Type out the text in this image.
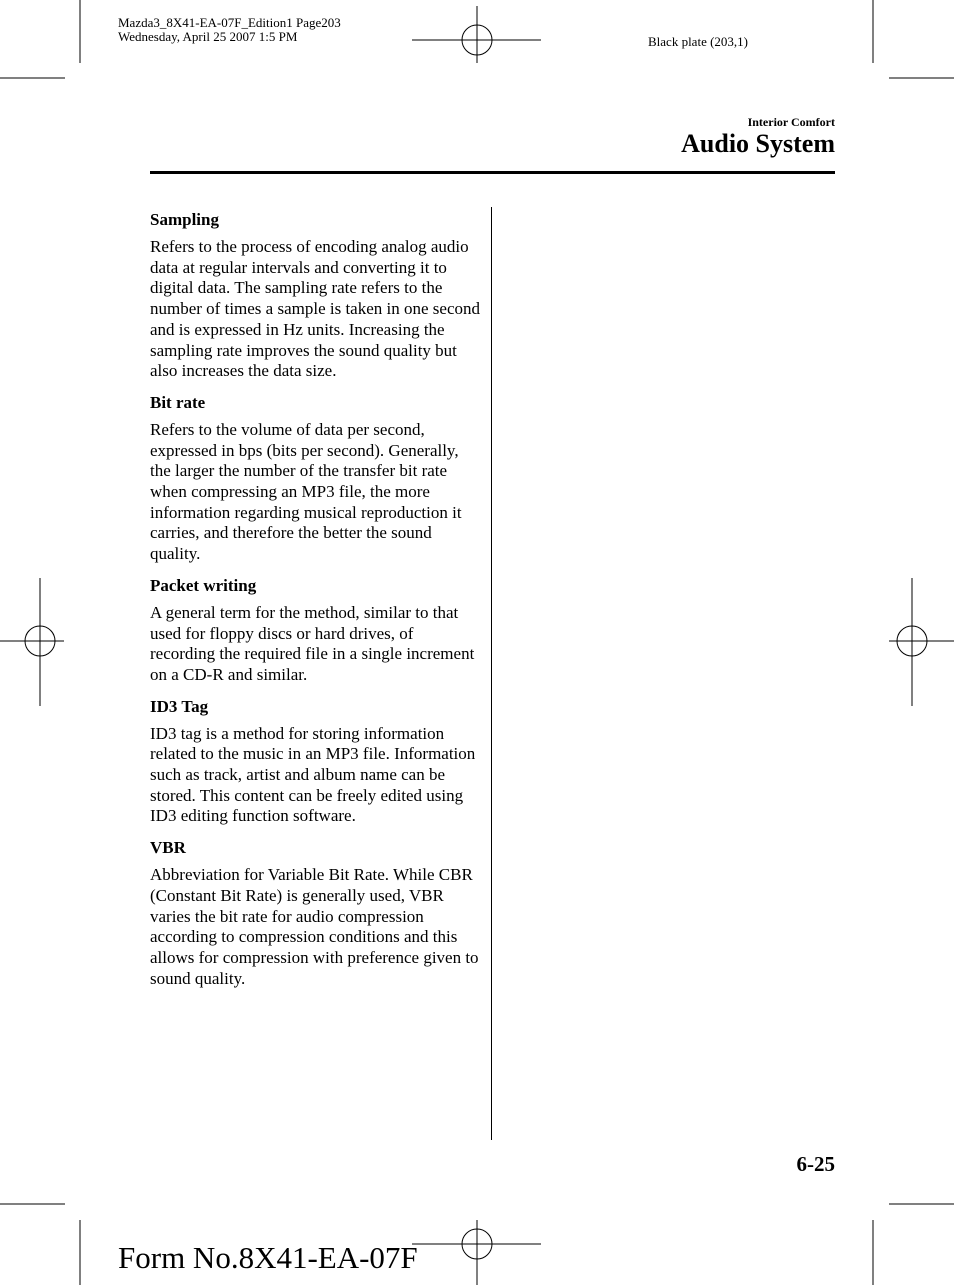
Mazda3_8X41-EA-07F_Edition1 Page203
Wednesday, April 25 2007 1:5 PM	Black plate (203,1)
Interior Comfort
Audio System
Sampling
Refers to the process of encoding analog audio data at regular intervals and converting it to digital data. The sampling rate refers to the number of times a sample is taken in one second and is expressed in Hz units. Increasing the sampling rate improves the sound quality but also increases the data size.
Bit rate
Refers to the volume of data per second, expressed in bps (bits per second). Generally, the larger the number of the transfer bit rate when compressing an MP3 file, the more information regarding musical reproduction it carries, and therefore the better the sound quality.
Packet writing
A general term for the method, similar to that used for floppy discs or hard drives, of recording the required file in a single increment on a CD-R and similar.
ID3 Tag
ID3 tag is a method for storing information related to the music in an MP3 file. Information such as track, artist and album name can be stored. This content can be freely edited using ID3 editing function software.
VBR
Abbreviation for Variable Bit Rate. While CBR (Constant Bit Rate) is generally used, VBR varies the bit rate for audio compression according to compression conditions and this allows for compression with preference given to sound quality.
6-25
Form No.8X41-EA-07F
